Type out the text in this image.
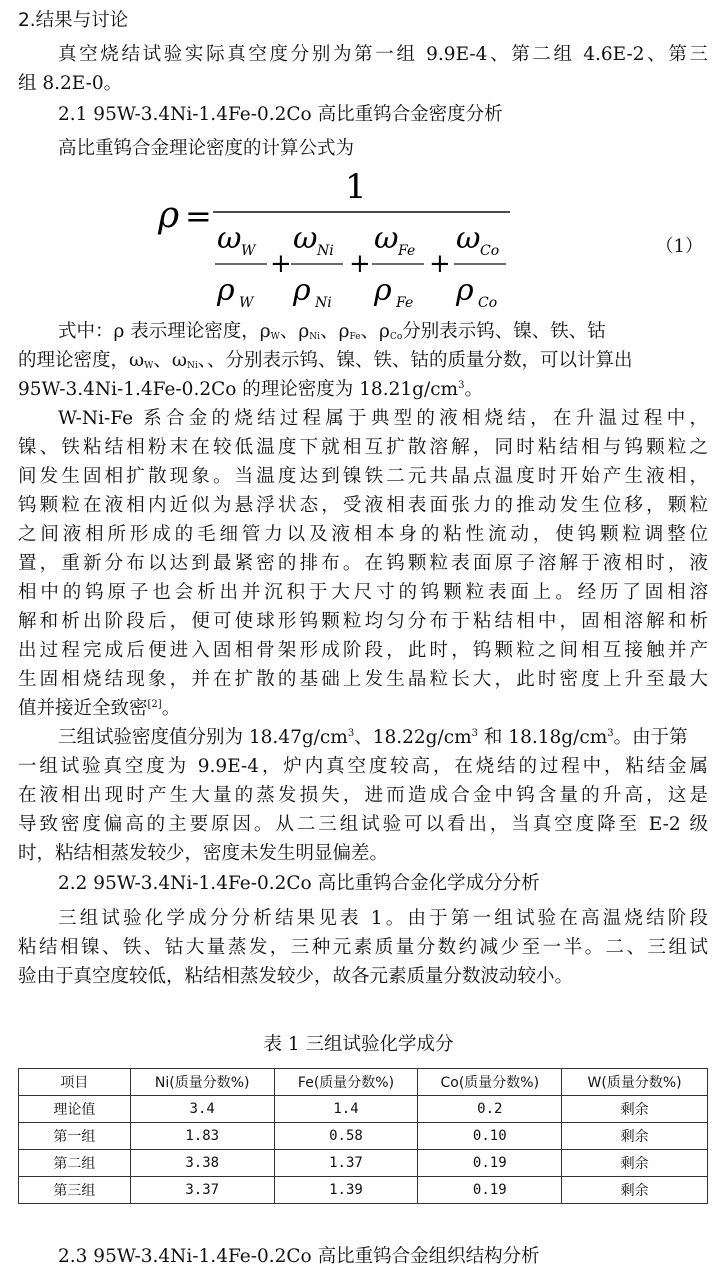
2.结果与讨论
真空烧结试验实际真空度分别为第一组 9.9E-4、第二组 4.6E-2、第三
组 8.2E-0。
2.1 95W-3.4Ni-1.4Fe-0.2Co 高比重钨合金密度分析
高比重钨合金理论密度的计算公式为
ρ =
1
ω W
ρ W
ω Ni
ρ Ni
ω Fe
ρ Fe
ω Co
ρ Co
+ + +
（1）
式中：ρ 表示理论密度，$\rho_W$、$\rho_{Ni}$、$\rho_{Fe}$、$\rho_{Co}$分别表示钨、镍、铁、钴
的理论密度，$\omega_W$、$\omega_{Ni}$、、分别表示钨、镍、铁、钴的质量分数，可以计算出
95W-3.4Ni-1.4Fe-0.2Co 的理论密度为 $18.21g/cm^3$。
W-Ni-Fe 系合金的烧结过程属于典型的液相烧结，在升温过程中，
镍、铁粘结相粉末在较低温度下就相互扩散溶解，同时粘结相与钨颗粒之
间发生固相扩散现象。当温度达到镍铁二元共晶点温度时开始产生液相，
钨颗粒在液相内近似为悬浮状态，受液相表面张力的推动发生位移，颗粒
之间液相所形成的毛细管力以及液相本身的粘性流动，使钨颗粒调整位
置，重新分布以达到最紧密的排布。在钨颗粒表面原子溶解于液相时，液
相中的钨原子也会析出并沉积于大尺寸的钨颗粒表面上。经历了固相溶
解和析出阶段后，便可使球形钨颗粒均匀分布于粘结相中，固相溶解和析
出过程完成后便进入固相骨架形成阶段，此时，钨颗粒之间相互接触并产
生固相烧结现象，并在扩散的基础上发生晶粒长大，此时密度上升至最大
值并接近全致密[2]。
三组试验密度值分别为 $18.47g/cm^3$、$18.22g/cm^3$ 和 $18.18g/cm^3$。由于第
一组试验真空度为 9.9E-4，炉内真空度较高，在烧结的过程中，粘结金属
在液相出现时产生大量的蒸发损失，进而造成合金中钨含量的升高，这是
导致密度偏高的主要原因。从二三组试验可以看出，当真空度降至 E-2 级
时，粘结相蒸发较少，密度未发生明显偏差。
2.2 95W-3.4Ni-1.4Fe-0.2Co 高比重钨合金化学成分分析
三组试验化学成分分析结果见表 1。由于第一组试验在高温烧结阶段
粘结相镍、铁、钴大量蒸发，三种元素质量分数约减少至一半。二、三组试
验由于真空度较低，粘结相蒸发较少，故各元素质量分数波动较小。
表 1 三组试验化学成分
项目	Ni(质量分数%)	Fe(质量分数%)	Co(质量分数%)	W(质量分数%)
理论值	3.4	1.4	0.2	剩余
第一组	1.83	0.58	0.10	剩余
第二组	3.38	1.37	0.19	剩余
第三组	3.37	1.39	0.19	剩余
2.3 95W-3.4Ni-1.4Fe-0.2Co 高比重钨合金组织结构分析
